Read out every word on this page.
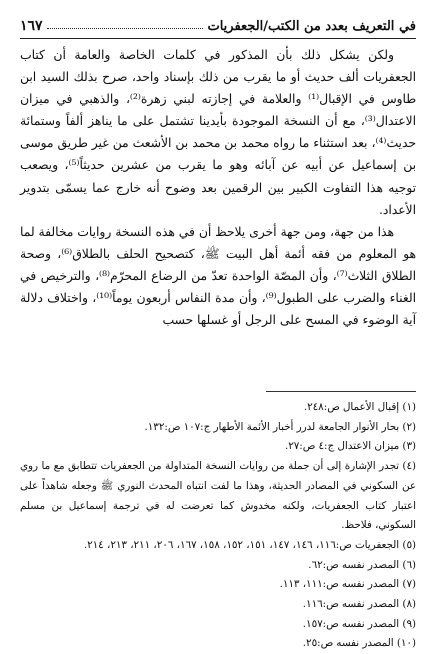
في التعريف بعدد من الكتب/الجعفريات
١٦٧

ولكن يشكل ذلك بأن المذكور في كلمات الخاصة والعامة أن كتاب الجعفريات ألف حديث أو ما يقرب من ذلك بإسناد واحد، صرح بذلك السيد ابن طاوس في الإقبال⁽¹⁾ والعلامة في إجازته لبني زهرة⁽²⁾، والذهبي في ميزان الاعتدال⁽³⁾، مع أن النسخة الموجودة بأيدينا تشتمل على ما يناهز ألفاً وستمائة حديث⁽⁴⁾، بعد استثناء ما رواه محمد بن محمد بن الأشعث من غير طريق موسى بن إسماعيل عن أبيه عن آبائه وهو ما يقرب من عشرين حديثاً⁽⁵⁾، ويصعب توجيه هذا التفاوت الكبير بين الرقمين بعد وضوح أنه خارج عما يسمّى بتدوير الأعداد.

هذا من جهة، ومن جهة أخرى يلاحظ أن في هذه النسخة روايات مخالفة لما هو المعلوم من فقه أئمة أهل البيت ﷺ، كتصحيح الحلف بالطلاق⁽⁶⁾، وصحة الطلاق الثلاث⁽⁷⁾، وأن المصّة الواحدة تعدّ من الرضاع المحرّم⁽⁸⁾، والترخيص في الغناء والضرب على الطبول⁽⁹⁾، وأن مدة النفاس أربعون يوماً⁽¹⁰⁾، واختلاف دلالة آية الوضوء في المسح على الرجل أو غسلها حسب

(١) إقبال الأعمال ص:٢٤٨.
(٢) بحار الأنوار الجامعة لدرر أخبار الأئمة الأطهار ج:١٠٧ ص:١٣٢.
(٣) ميزان الاعتدال ج:٤ ص:٢٧.
(٤) تجدر الإشارة إلى أن جملة من روايات النسخة المتداولة من الجعفريات تتطابق مع ما روي عن السكوني في المصادر الحديثة، وهذا ما لفت انتباه المحدث النوري ﷺ وجعله شاهداً على اعتبار كتاب الجعفريات، ولكنه مخدوش كما تعرضت له في ترجمة إسماعيل بن مسلم السكوني، فلاحظ.
(٥) الجعفريات ص:١١٦، ١٤٦، ١٤٧، ١٥١، ١٥٢، ١٥٨، ١٦٧، ٢٠٦، ٢١١، ٢١٣، ٢١٤.
(٦) المصدر نفسه ص:٦٢.
(٧) المصدر نفسه ص:١١١، ١١٣.
(٨) المصدر نفسه ص:١١٦.
(٩) المصدر نفسه ص:١٥٧.
(١٠) المصدر نفسه ص:٢٥.
